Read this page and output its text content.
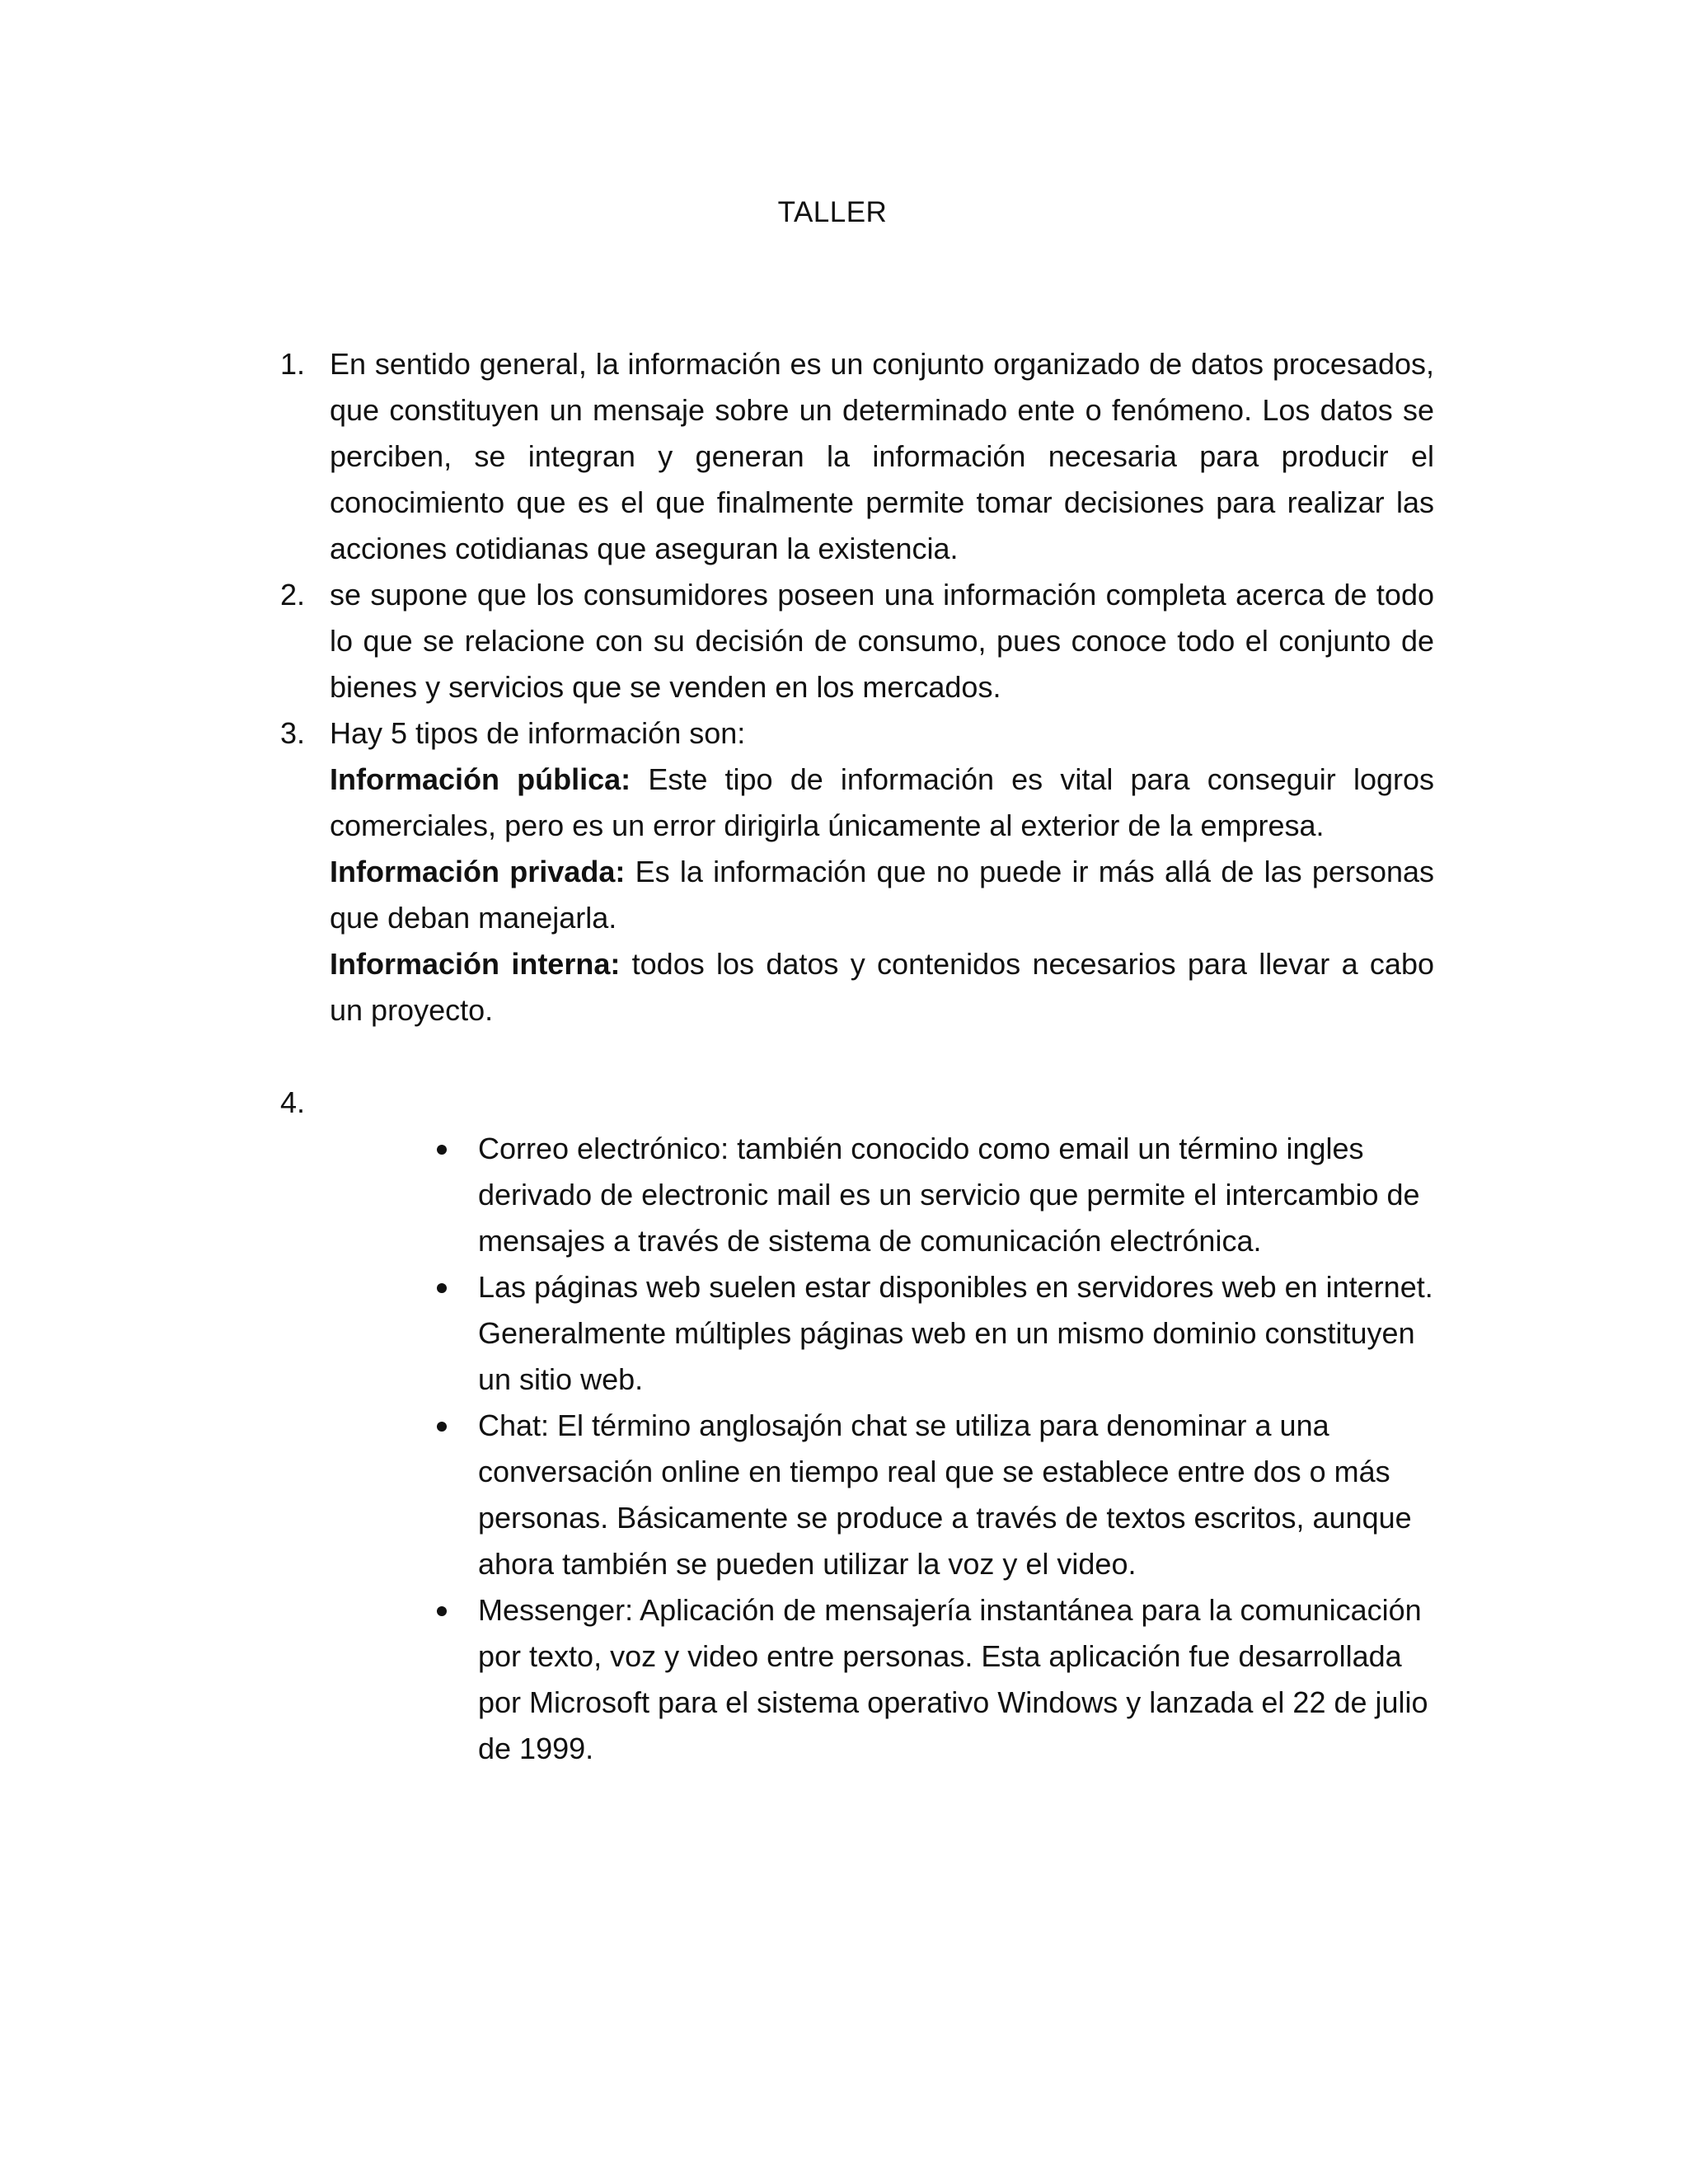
TALLER
1. En sentido general, la información es un conjunto organizado de datos procesados, que constituyen un mensaje sobre un determinado ente o fenómeno. Los datos se perciben, se integran y generan la información necesaria para producir el conocimiento que es el que finalmente permite tomar decisiones para realizar las acciones cotidianas que aseguran la existencia.

2. se supone que los consumidores poseen una información completa acerca de todo lo que se relacione con su decisión de consumo, pues conoce todo el conjunto de bienes y servicios que se venden en los mercados.

3. Hay 5 tipos de información son:

Información pública: Este tipo de información es vital para conseguir logros comerciales, pero es un error dirigirla únicamente al exterior de la empresa.

Información privada: Es la información que no puede ir más allá de las personas que deban manejarla.

Información interna: todos los datos y contenidos necesarios para llevar a cabo un proyecto.

4.

Correo electrónico: también conocido como email un término ingles derivado de electronic mail es un servicio que permite el intercambio de mensajes a través de sistema de comunicación electrónica.
Las páginas web suelen estar disponibles en servidores web en internet. Generalmente múltiples páginas web en un mismo dominio constituyen un sitio web.
Chat: El término anglosajón chat se utiliza para denominar a una conversación online en tiempo real que se establece entre dos o más personas. Básicamente se produce a través de textos escritos, aunque ahora también se pueden utilizar la voz y el video.
Messenger: Aplicación de mensajería instantánea para la comunicación por texto, voz y video entre personas. Esta aplicación fue desarrollada por Microsoft para el sistema operativo Windows y lanzada el 22 de julio de 1999.
